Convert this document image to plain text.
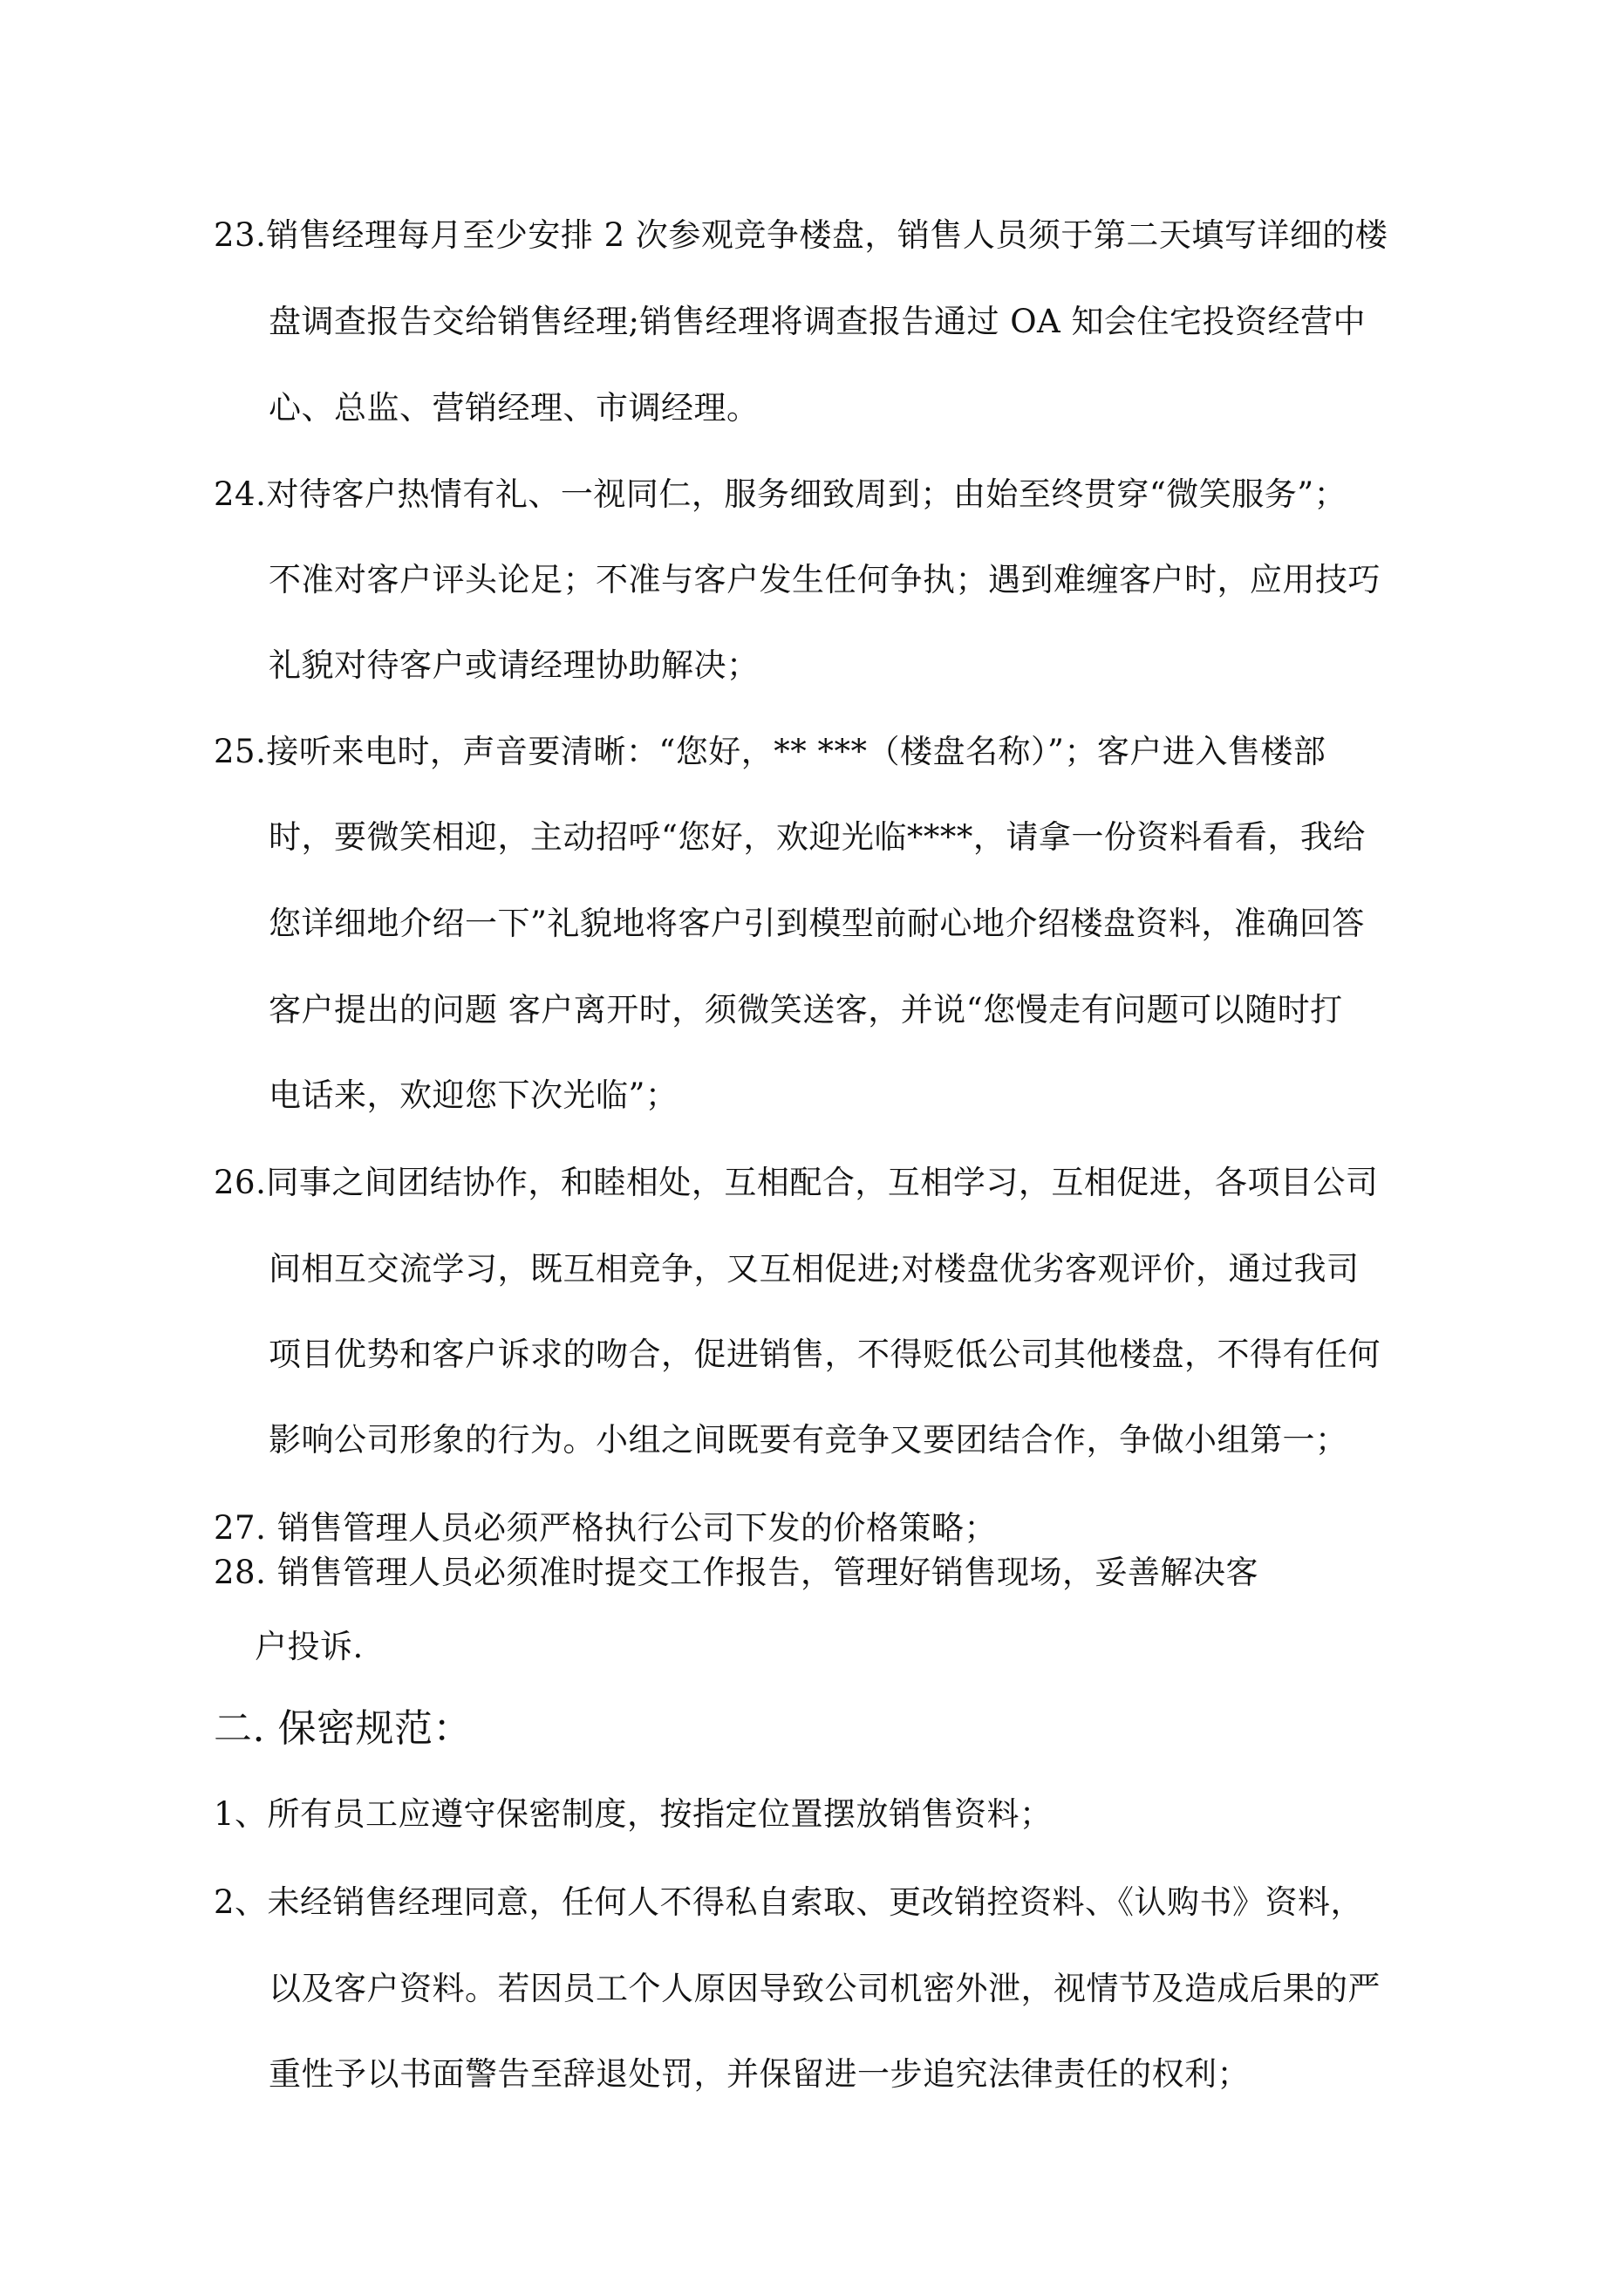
23.销售经理每月至少安排 2 次参观竞争楼盘，销售人员须于第二天填写详细的楼
盘调查报告交给销售经理;销售经理将调查报告通过 OA 知会住宅投资经营中
心、总监、营销经理、市调经理。
24.对待客户热情有礼、一视同仁，服务细致周到；由始至终贯穿“微笑服务”；
不准对客户评头论足；不准与客户发生任何争执；遇到难缠客户时，应用技巧
礼貌对待客户或请经理协助解决；
25.接听来电时，声音要清晰：“您好，** ***（楼盘名称）”；客户进入售楼部
时，要微笑相迎，主动招呼“您好，欢迎光临****，请拿一份资料看看，我给
您详细地介绍一下”礼貌地将客户引到模型前耐心地介绍楼盘资料，准确回答
客户提出的问题 客户离开时，须微笑送客，并说“您慢走有问题可以随时打
电话来，欢迎您下次光临”；
26.同事之间团结协作，和睦相处，互相配合，互相学习，互相促进，各项目公司
间相互交流学习，既互相竞争，又互相促进;对楼盘优劣客观评价，通过我司
项目优势和客户诉求的吻合，促进销售，不得贬低公司其他楼盘，不得有任何
影响公司形象的行为。小组之间既要有竞争又要团结合作，争做小组第一；
27. 销售管理人员必须严格执行公司下发的价格策略；
28. 销售管理人员必须准时提交工作报告，管理好销售现场，妥善解决客
户投诉.
二. 保密规范：
1、所有员工应遵守保密制度，按指定位置摆放销售资料；
2、未经销售经理同意，任何人不得私自索取、更改销控资料、《认购书》资料，
以及客户资料。若因员工个人原因导致公司机密外泄，视情节及造成后果的严
重性予以书面警告至辞退处罚，并保留进一步追究法律责任的权利；
